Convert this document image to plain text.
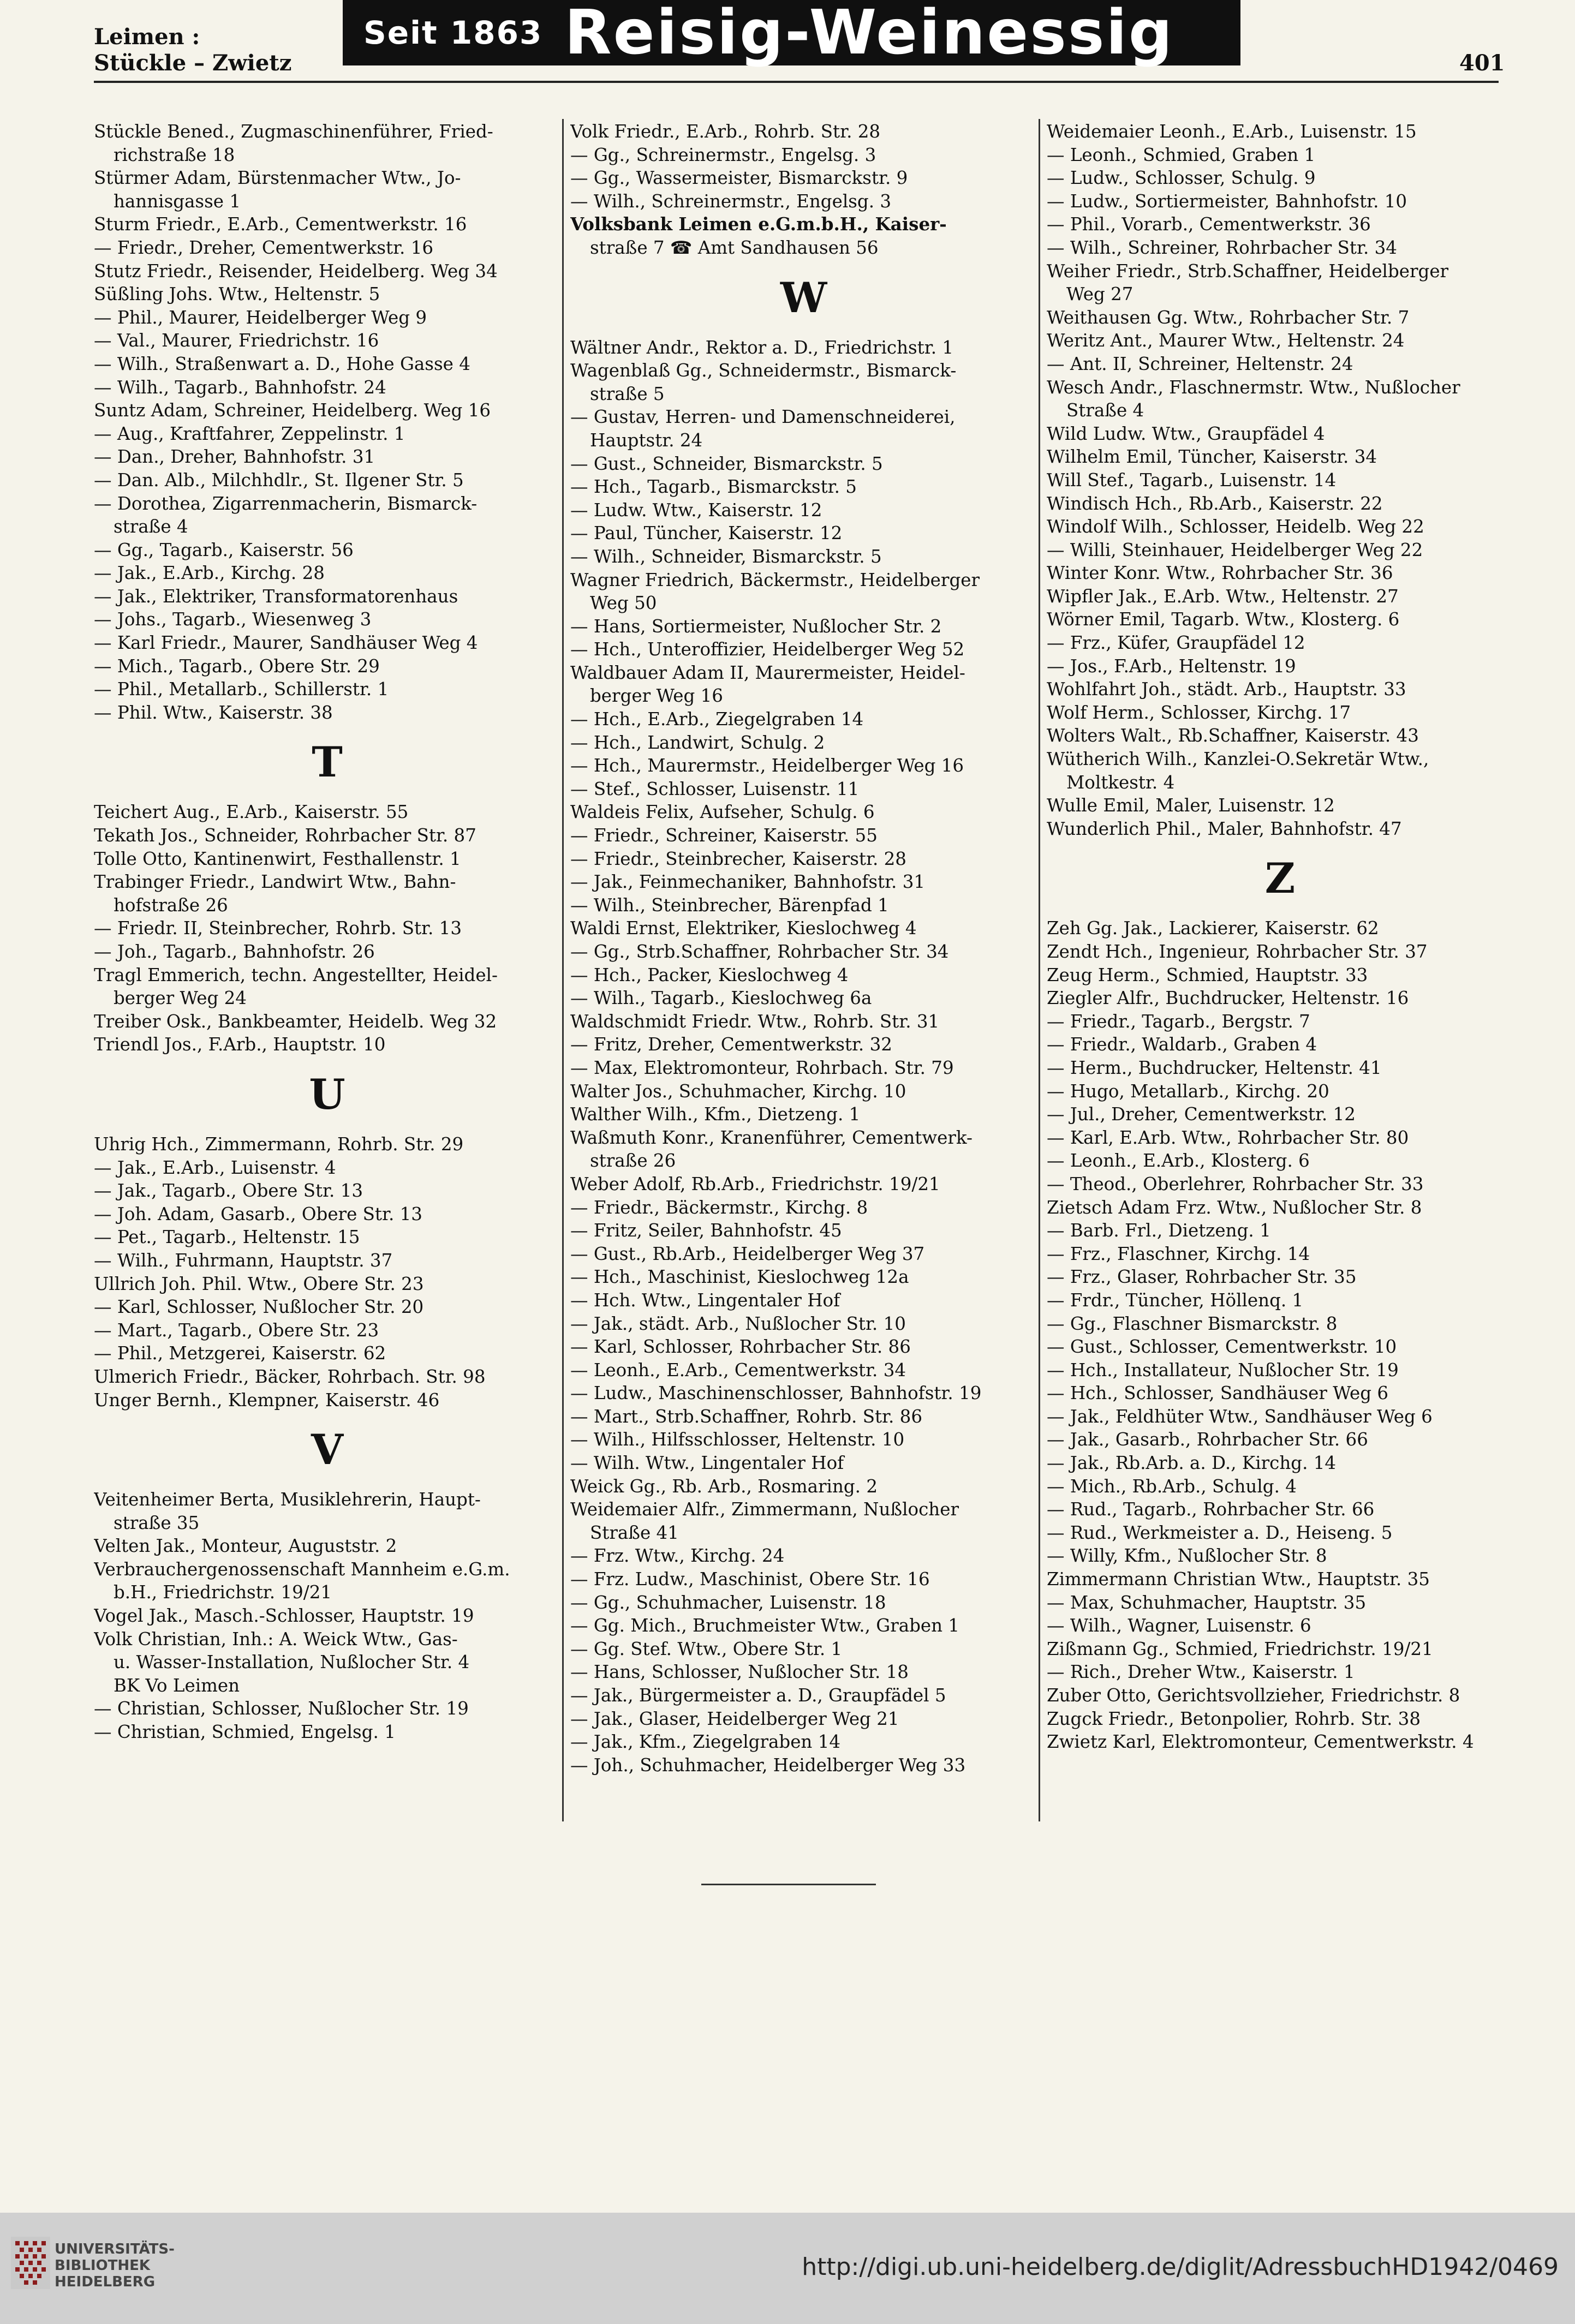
Leimen :
Stückle – Zwietz
Seit 1863 Reisig-Weinessig	401
Stückle Bened., Zugmaschinenführer, Fried-
richstraße 18
Stürmer Adam, Bürstenmacher Wtw., Jo-
hannisgasse 1
Sturm Friedr., E.Arb., Cementwerkstr. 16
— Friedr., Dreher, Cementwerkstr. 16
Stutz Friedr., Reisender, Heidelberg. Weg 34
Süßling Johs. Wtw., Heltenstr. 5
— Phil., Maurer, Heidelberger Weg 9
— Val., Maurer, Friedrichstr. 16
— Wilh., Straßenwart a. D., Hohe Gasse 4
— Wilh., Tagarb., Bahnhofstr. 24
Suntz Adam, Schreiner, Heidelberg. Weg 16
— Aug., Kraftfahrer, Zeppelinstr. 1
— Dan., Dreher, Bahnhofstr. 31
— Dan. Alb., Milchhdlr., St. Ilgener Str. 5
— Dorothea, Zigarrenmacherin, Bismarck-
straße 4
— Gg., Tagarb., Kaiserstr. 56
— Jak., E.Arb., Kirchg. 28
— Jak., Elektriker, Transformatorenhaus
— Johs., Tagarb., Wiesenweg 3
— Karl Friedr., Maurer, Sandhäuser Weg 4
— Mich., Tagarb., Obere Str. 29
— Phil., Metallarb., Schillerstr. 1
— Phil. Wtw., Kaiserstr. 38
T
Teichert Aug., E.Arb., Kaiserstr. 55
Tekath Jos., Schneider, Rohrbacher Str. 87
Tolle Otto, Kantinenwirt, Festhallenstr. 1
Trabinger Friedr., Landwirt Wtw., Bahn-
hofstraße 26
— Friedr. II, Steinbrecher, Rohrb. Str. 13
— Joh., Tagarb., Bahnhofstr. 26
Tragl Emmerich, techn. Angestellter, Heidel-
berger Weg 24
Treiber Osk., Bankbeamter, Heidelb. Weg 32
Triendl Jos., F.Arb., Hauptstr. 10
U
Uhrig Hch., Zimmermann, Rohrb. Str. 29
— Jak., E.Arb., Luisenstr. 4
— Jak., Tagarb., Obere Str. 13
— Joh. Adam, Gasarb., Obere Str. 13
— Pet., Tagarb., Heltenstr. 15
— Wilh., Fuhrmann, Hauptstr. 37
Ullrich Joh. Phil. Wtw., Obere Str. 23
— Karl, Schlosser, Nußlocher Str. 20
— Mart., Tagarb., Obere Str. 23
— Phil., Metzgerei, Kaiserstr. 62
Ulmerich Friedr., Bäcker, Rohrbach. Str. 98
Unger Bernh., Klempner, Kaiserstr. 46
V
Veitenheimer Berta, Musiklehrerin, Haupt-
straße 35
Velten Jak., Monteur, Auguststr. 2
Verbrauchergenossenschaft Mannheim e.G.m.
b.H., Friedrichstr. 19/21
Vogel Jak., Masch.-Schlosser, Hauptstr. 19
Volk Christian, Inh.: A. Weick Wtw., Gas-
u. Wasser-Installation, Nußlocher Str. 4
BK Vo Leimen
— Christian, Schlosser, Nußlocher Str. 19
— Christian, Schmied, Engelsg. 1
Volk Friedr., E.Arb., Rohrb. Str. 28
— Gg., Schreinermstr., Engelsg. 3
— Gg., Wassermeister, Bismarckstr. 9
— Wilh., Schreinermstr., Engelsg. 3
Volksbank Leimen e.G.m.b.H., Kaiser-
straße 7 ☎ Amt Sandhausen 56
W
Wältner Andr., Rektor a. D., Friedrichstr. 1
Wagenblaß Gg., Schneidermstr., Bismarck-
straße 5
— Gustav, Herren- und Damenschneiderei,
Hauptstr. 24
— Gust., Schneider, Bismarckstr. 5
— Hch., Tagarb., Bismarckstr. 5
— Ludw. Wtw., Kaiserstr. 12
— Paul, Tüncher, Kaiserstr. 12
— Wilh., Schneider, Bismarckstr. 5
Wagner Friedrich, Bäckermstr., Heidelberger
Weg 50
— Hans, Sortiermeister, Nußlocher Str. 2
— Hch., Unteroffizier, Heidelberger Weg 52
Waldbauer Adam II, Maurermeister, Heidel-
berger Weg 16
— Hch., E.Arb., Ziegelgraben 14
— Hch., Landwirt, Schulg. 2
— Hch., Maurermstr., Heidelberger Weg 16
— Stef., Schlosser, Luisenstr. 11
Waldeis Felix, Aufseher, Schulg. 6
— Friedr., Schreiner, Kaiserstr. 55
— Friedr., Steinbrecher, Kaiserstr. 28
— Jak., Feinmechaniker, Bahnhofstr. 31
— Wilh., Steinbrecher, Bärenpfad 1
Waldi Ernst, Elektriker, Kieslochweg 4
— Gg., Strb.Schaffner, Rohrbacher Str. 34
— Hch., Packer, Kieslochweg 4
— Wilh., Tagarb., Kieslochweg 6a
Waldschmidt Friedr. Wtw., Rohrb. Str. 31
— Fritz, Dreher, Cementwerkstr. 32
— Max, Elektromonteur, Rohrbach. Str. 79
Walter Jos., Schuhmacher, Kirchg. 10
Walther Wilh., Kfm., Dietzeng. 1
Waßmuth Konr., Kranenführer, Cementwerk-
straße 26
Weber Adolf, Rb.Arb., Friedrichstr. 19/21
— Friedr., Bäckermstr., Kirchg. 8
— Fritz, Seiler, Bahnhofstr. 45
— Gust., Rb.Arb., Heidelberger Weg 37
— Hch., Maschinist, Kieslochweg 12a
— Hch. Wtw., Lingentaler Hof
— Jak., städt. Arb., Nußlocher Str. 10
— Karl, Schlosser, Rohrbacher Str. 86
— Leonh., E.Arb., Cementwerkstr. 34
— Ludw., Maschinenschlosser, Bahnhofstr. 19
— Mart., Strb.Schaffner, Rohrb. Str. 86
— Wilh., Hilfsschlosser, Heltenstr. 10
— Wilh. Wtw., Lingentaler Hof
Weick Gg., Rb. Arb., Rosmaring. 2
Weidemaier Alfr., Zimmermann, Nußlocher
Straße 41
— Frz. Wtw., Kirchg. 24
— Frz. Ludw., Maschinist, Obere Str. 16
— Gg., Schuhmacher, Luisenstr. 18
— Gg. Mich., Bruchmeister Wtw., Graben 1
— Gg. Stef. Wtw., Obere Str. 1
— Hans, Schlosser, Nußlocher Str. 18
— Jak., Bürgermeister a. D., Graupfädel 5
— Jak., Glaser, Heidelberger Weg 21
— Jak., Kfm., Ziegelgraben 14
— Joh., Schuhmacher, Heidelberger Weg 33
Weidemaier Leonh., E.Arb., Luisenstr. 15
— Leonh., Schmied, Graben 1
— Ludw., Schlosser, Schulg. 9
— Ludw., Sortiermeister, Bahnhofstr. 10
— Phil., Vorarb., Cementwerkstr. 36
— Wilh., Schreiner, Rohrbacher Str. 34
Weiher Friedr., Strb.Schaffner, Heidelberger
Weg 27
Weithausen Gg. Wtw., Rohrbacher Str. 7
Weritz Ant., Maurer Wtw., Heltenstr. 24
— Ant. II, Schreiner, Heltenstr. 24
Wesch Andr., Flaschnermstr. Wtw., Nußlocher
Straße 4
Wild Ludw. Wtw., Graupfädel 4
Wilhelm Emil, Tüncher, Kaiserstr. 34
Will Stef., Tagarb., Luisenstr. 14
Windisch Hch., Rb.Arb., Kaiserstr. 22
Windolf Wilh., Schlosser, Heidelb. Weg 22
— Willi, Steinhauer, Heidelberger Weg 22
Winter Konr. Wtw., Rohrbacher Str. 36
Wipfler Jak., E.Arb. Wtw., Heltenstr. 27
Wörner Emil, Tagarb. Wtw., Klosterg. 6
— Frz., Küfer, Graupfädel 12
— Jos., F.Arb., Heltenstr. 19
Wohlfahrt Joh., städt. Arb., Hauptstr. 33
Wolf Herm., Schlosser, Kirchg. 17
Wolters Walt., Rb.Schaffner, Kaiserstr. 43
Wütherich Wilh., Kanzlei-O.Sekretär Wtw.,
Moltkestr. 4
Wulle Emil, Maler, Luisenstr. 12
Wunderlich Phil., Maler, Bahnhofstr. 47
Z
Zeh Gg. Jak., Lackierer, Kaiserstr. 62
Zendt Hch., Ingenieur, Rohrbacher Str. 37
Zeug Herm., Schmied, Hauptstr. 33
Ziegler Alfr., Buchdrucker, Heltenstr. 16
— Friedr., Tagarb., Bergstr. 7
— Friedr., Waldarb., Graben 4
— Herm., Buchdrucker, Heltenstr. 41
— Hugo, Metallarb., Kirchg. 20
— Jul., Dreher, Cementwerkstr. 12
— Karl, E.Arb. Wtw., Rohrbacher Str. 80
— Leonh., E.Arb., Klosterg. 6
— Theod., Oberlehrer, Rohrbacher Str. 33
Zietsch Adam Frz. Wtw., Nußlocher Str. 8
— Barb. Frl., Dietzeng. 1
— Frz., Flaschner, Kirchg. 14
— Frz., Glaser, Rohrbacher Str. 35
— Frdr., Tüncher, Höllenq. 1
— Gg., Flaschner Bismarckstr. 8
— Gust., Schlosser, Cementwerkstr. 10
— Hch., Installateur, Nußlocher Str. 19
— Hch., Schlosser, Sandhäuser Weg 6
— Jak., Feldhüter Wtw., Sandhäuser Weg 6
— Jak., Gasarb., Rohrbacher Str. 66
— Jak., Rb.Arb. a. D., Kirchg. 14
— Mich., Rb.Arb., Schulg. 4
— Rud., Tagarb., Rohrbacher Str. 66
— Rud., Werkmeister a. D., Heiseng. 5
— Willy, Kfm., Nußlocher Str. 8
Zimmermann Christian Wtw., Hauptstr. 35
— Max, Schuhmacher, Hauptstr. 35
— Wilh., Wagner, Luisenstr. 6
Zißmann Gg., Schmied, Friedrichstr. 19/21
— Rich., Dreher Wtw., Kaiserstr. 1
Zuber Otto, Gerichtsvollzieher, Friedrichstr. 8
Zugck Friedr., Betonpolier, Rohrb. Str. 38
Zwietz Karl, Elektromonteur, Cementwerkstr. 4
UNIVERSITÄTS-
BIBLIOTHEK
HEIDELBERG
http://digi.ub.uni-heidelberg.de/diglit/AdressbuchHD1942/0469
